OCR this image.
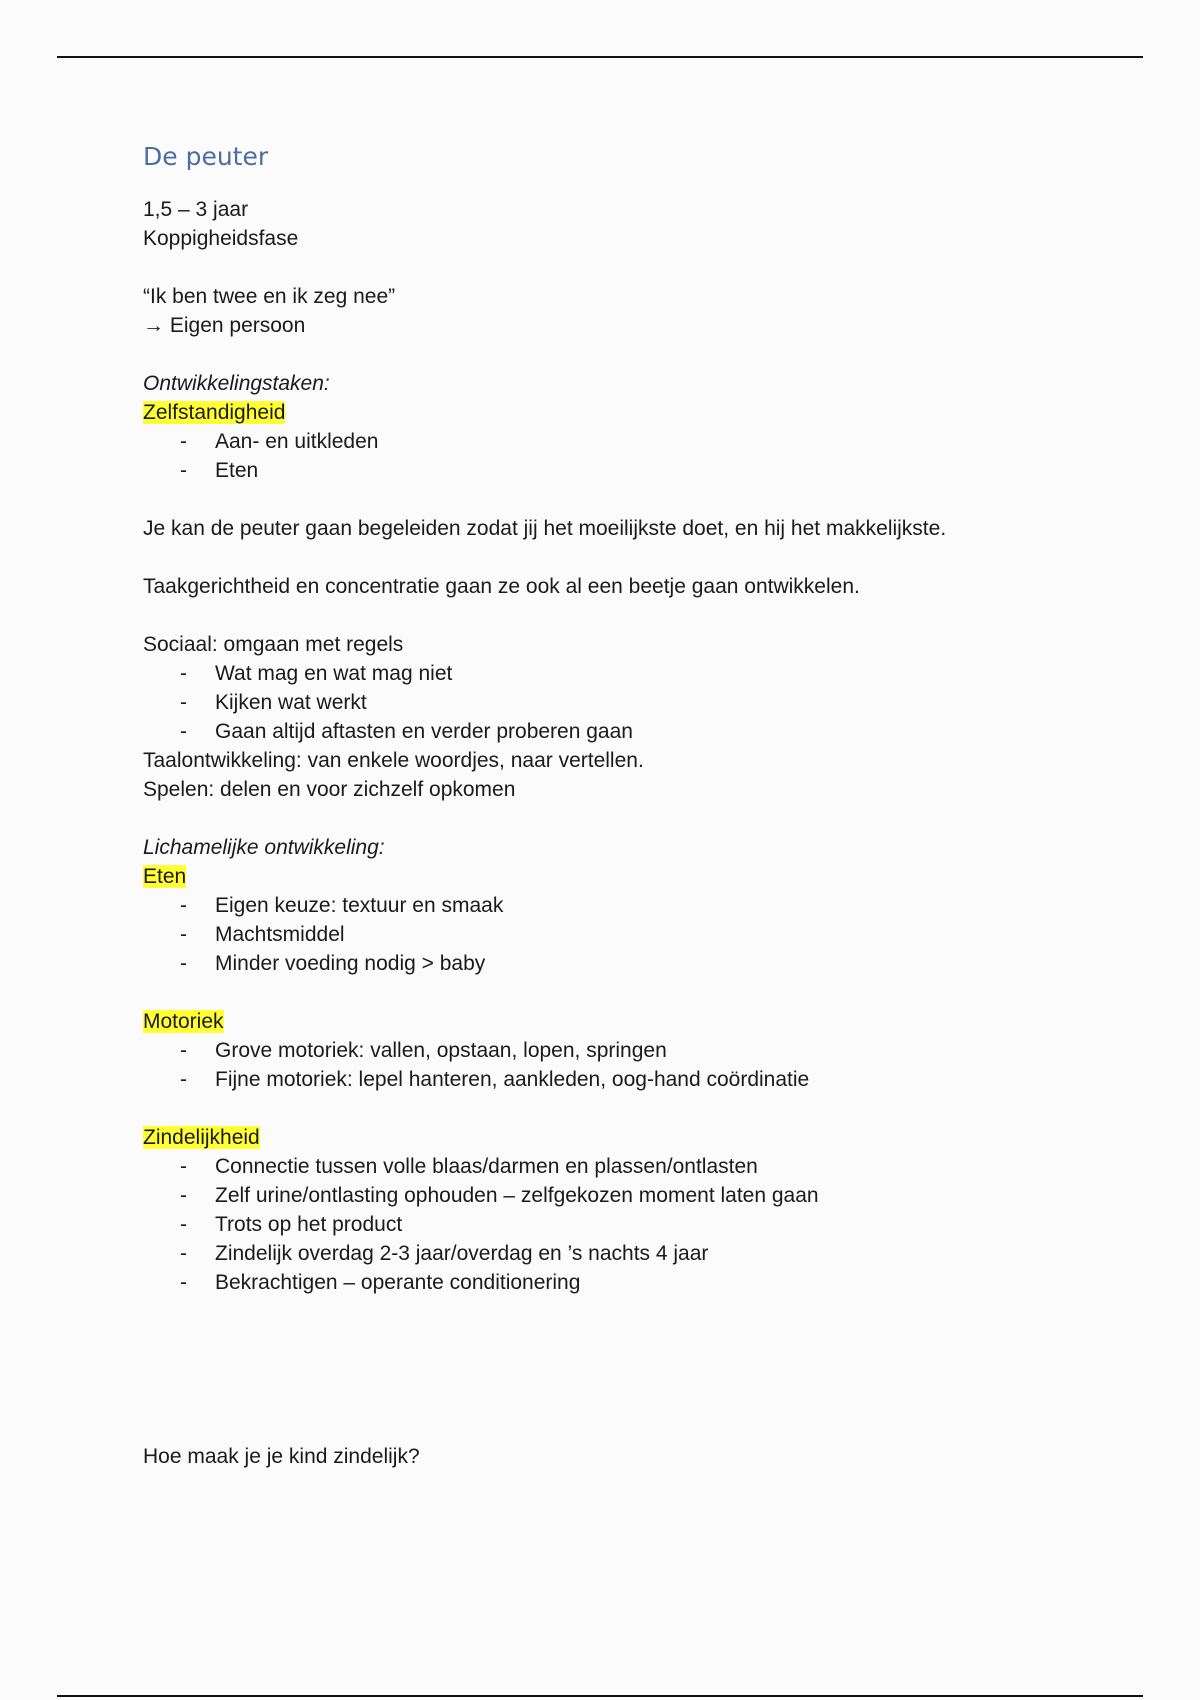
De peuter
1,5 – 3 jaar
Koppigheidsfase
“Ik ben twee en ik zeg nee”
→ Eigen persoon
Ontwikkelingstaken:
Zelfstandigheid
- Aan- en uitkleden
- Eten
Je kan de peuter gaan begeleiden zodat jij het moeilijkste doet, en hij het makkelijkste.
Taakgerichtheid en concentratie gaan ze ook al een beetje gaan ontwikkelen.
Sociaal: omgaan met regels
- Wat mag en wat mag niet
- Kijken wat werkt
- Gaan altijd aftasten en verder proberen gaan
Taalontwikkeling: van enkele woordjes, naar vertellen.
Spelen: delen en voor zichzelf opkomen
Lichamelijke ontwikkeling:
Eten
- Eigen keuze: textuur en smaak
- Machtsmiddel
- Minder voeding nodig > baby
Motoriek
- Grove motoriek: vallen, opstaan, lopen, springen
- Fijne motoriek: lepel hanteren, aankleden, oog-hand coördinatie
Zindelijkheid
- Connectie tussen volle blaas/darmen en plassen/ontlasten
- Zelf urine/ontlasting ophouden – zelfgekozen moment laten gaan
- Trots op het product
- Zindelijk overdag 2-3 jaar/overdag en ’s nachts 4 jaar
- Bekrachtigen – operante conditionering
Hoe maak je je kind zindelijk?
